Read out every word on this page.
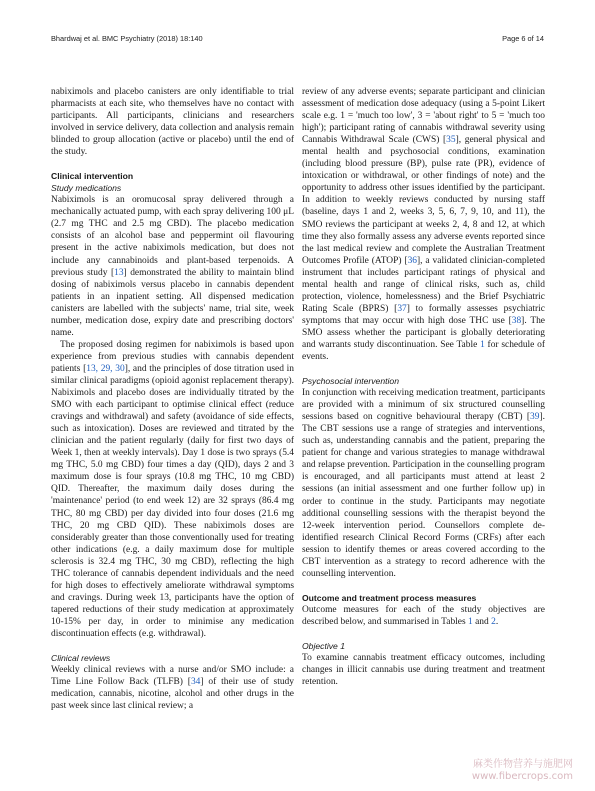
Bhardwaj et al. BMC Psychiatry (2018) 18:140	Page 6 of 14

nabiximols and placebo canisters are only identifiable to trial pharmacists at each site, who themselves have no contact with participants. All participants, clinicians and researchers involved in service delivery, data collection and analysis remain blinded to group allocation (active or placebo) until the end of the study.

Clinical intervention
Study medications

Nabiximols is an oromucosal spray delivered through a mechanically actuated pump, with each spray delivering 100 μL (2.7 mg THC and 2.5 mg CBD). The placebo medication consists of an alcohol base and peppermint oil flavouring present in the active nabiximols medication, but does not include any cannabinoids and plant-based terpenoids. A previous study [13] demonstrated the ability to maintain blind dosing of nabiximols versus placebo in cannabis dependent patients in an inpatient setting. All dispensed medication canisters are labelled with the subjects' name, trial site, week number, medication dose, expiry date and prescribing doctors' name.

The proposed dosing regimen for nabiximols is based upon experience from previous studies with cannabis dependent patients [13, 29, 30], and the principles of dose titration used in similar clinical paradigms (opioid agonist replacement therapy). Nabiximols and placebo doses are individually titrated by the SMO with each participant to optimise clinical effect (reduce cravings and withdrawal) and safety (avoidance of side effects, such as intoxication). Doses are reviewed and titrated by the clinician and the patient regularly (daily for first two days of Week 1, then at weekly intervals). Day 1 dose is two sprays (5.4 mg THC, 5.0 mg CBD) four times a day (QID), days 2 and 3 maximum dose is four sprays (10.8 mg THC, 10 mg CBD) QID. Thereafter, the maximum daily doses during the 'maintenance' period (to end week 12) are 32 sprays (86.4 mg THC, 80 mg CBD) per day divided into four doses (21.6 mg THC, 20 mg CBD QID). These nabiximols doses are considerably greater than those conventionally used for treating other indications (e.g. a daily maximum dose for multiple sclerosis is 32.4 mg THC, 30 mg CBD), reflecting the high THC tolerance of cannabis dependent individuals and the need for high doses to effectively ameliorate withdrawal symptoms and cravings. During week 13, participants have the option of tapered reductions of their study medication at approximately 10-15% per day, in order to minimise any medication discontinuation effects (e.g. withdrawal).

Clinical reviews

Weekly clinical reviews with a nurse and/or SMO include: a Time Line Follow Back (TLFB) [34] of their use of study medication, cannabis, nicotine, alcohol and other drugs in the past week since last clinical review; a

review of any adverse events; separate participant and clinician assessment of medication dose adequacy (using a 5-point Likert scale e.g. 1 = 'much too low', 3 = 'about right' to 5 = 'much too high'); participant rating of cannabis withdrawal severity using Cannabis Withdrawal Scale (CWS) [35], general physical and mental health and psychosocial conditions, examination (including blood pressure (BP), pulse rate (PR), evidence of intoxication or withdrawal, or other findings of note) and the opportunity to address other issues identified by the participant. In addition to weekly reviews conducted by nursing staff (baseline, days 1 and 2, weeks 3, 5, 6, 7, 9, 10, and 11), the SMO reviews the participant at weeks 2, 4, 8 and 12, at which time they also formally assess any adverse events reported since the last medical review and complete the Australian Treatment Outcomes Profile (ATOP) [36], a validated clinician-completed instrument that includes participant ratings of physical and mental health and range of clinical risks, such as, child protection, violence, homelessness) and the Brief Psychiatric Rating Scale (BPRS) [37] to formally assesses psychiatric symptoms that may occur with high dose THC use [38]. The SMO assess whether the participant is globally deteriorating and warrants study discontinuation. See Table 1 for schedule of events.

Psychosocial intervention

In conjunction with receiving medication treatment, participants are provided with a minimum of six structured counselling sessions based on cognitive behavioural therapy (CBT) [39]. The CBT sessions use a range of strategies and interventions, such as, understanding cannabis and the patient, preparing the patient for change and various strategies to manage withdrawal and relapse prevention. Participation in the counselling program is encouraged, and all participants must attend at least 2 sessions (an initial assessment and one further follow up) in order to continue in the study. Participants may negotiate additional counselling sessions with the therapist beyond the 12-week intervention period. Counsellors complete de-identified research Clinical Record Forms (CRFs) after each session to identify themes or areas covered according to the CBT intervention as a strategy to record adherence with the counselling intervention.

Outcome and treatment process measures

Outcome measures for each of the study objectives are described below, and summarised in Tables 1 and 2.

Objective 1

To examine cannabis treatment efficacy outcomes, including changes in illicit cannabis use during treatment and treatment retention.

麻类作物营养与施肥网
www.fibercrops.com
